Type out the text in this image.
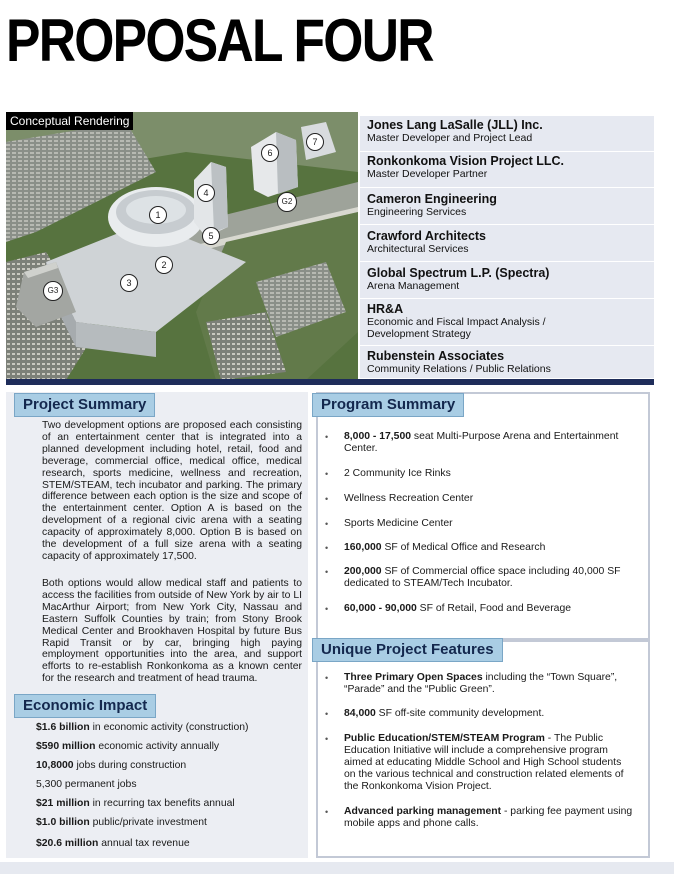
PROPOSAL FOUR
1
2
3
4
5
6
7
G2
G3
Conceptual Rendering	Jones Lang LaSalle (JLL) Inc.
Master Developer and Project Lead
Ronkonkoma Vision Project LLC.
Master Developer Partner
Cameron Engineering
Engineering Services
Crawford Architects
Architectural Services
Global Spectrum L.P. (Spectra)
Arena Management
HR&A
Economic and Fiscal Impact Analysis / Development Strategy
Rubenstein Associates
Community Relations / Public Relations
Project Summary
Two development options are proposed each consisting of an entertainment center that is integrated into a planned development including hotel, retail, food and beverage, commercial office, medical office, medical research, sports medicine, wellness and recreation, STEM/STEAM, tech incubator and parking. The primary difference between each option is the size and scope of the entertainment center. Option A is based on the development of a regional civic arena with a seating capacity of approximately 8,000. Option B is based on the development of a full size arena with a seating capacity of approximately 17,500.
Both options would allow medical staff and patients to access the facilities from outside of New York by air to LI MacArthur Airport; from New York City, Nassau and Eastern Suffolk Counties by train; from Stony Brook Medical Center and Brookhaven Hospital by future Bus Rapid Transit or by car, bringing high paying employment opportunities into the area, and support efforts to re-establish Ronkonkoma as a known center for the research and treatment of head trauma.
Economic Impact
$1.6 billion in economic activity (construction)
$590 million economic activity annually
10,8000 jobs during construction
5,300 permanent jobs
$21 million in recurring tax benefits annual
$1.0 billion public/private investment
$20.6 million annual tax revenue
Program Summary
• 8,000 - 17,500 seat Multi-Purpose Arena and Entertainment Center.
• 2 Community Ice Rinks
• Wellness Recreation Center
• Sports Medicine Center
• 160,000 SF of Medical Office and Research
• 200,000 SF of Commercial office space including 40,000 SF dedicated to STEAM/Tech Incubator.
• 60,000 - 90,000 SF of Retail, Food and Beverage
Unique Project Features
• Three Primary Open Spaces including the “Town Square”, “Parade” and the “Public Green”.
• 84,000 SF off-site community development.
• Public Education/STEM/STEAM Program - The Public Education Initiative will include a comprehensive program aimed at educating Middle School and High School students on the various technical and construction related elements of the Ronkonkoma Vision Project.
• Advanced parking management - parking fee payment using mobile apps and phone calls.
